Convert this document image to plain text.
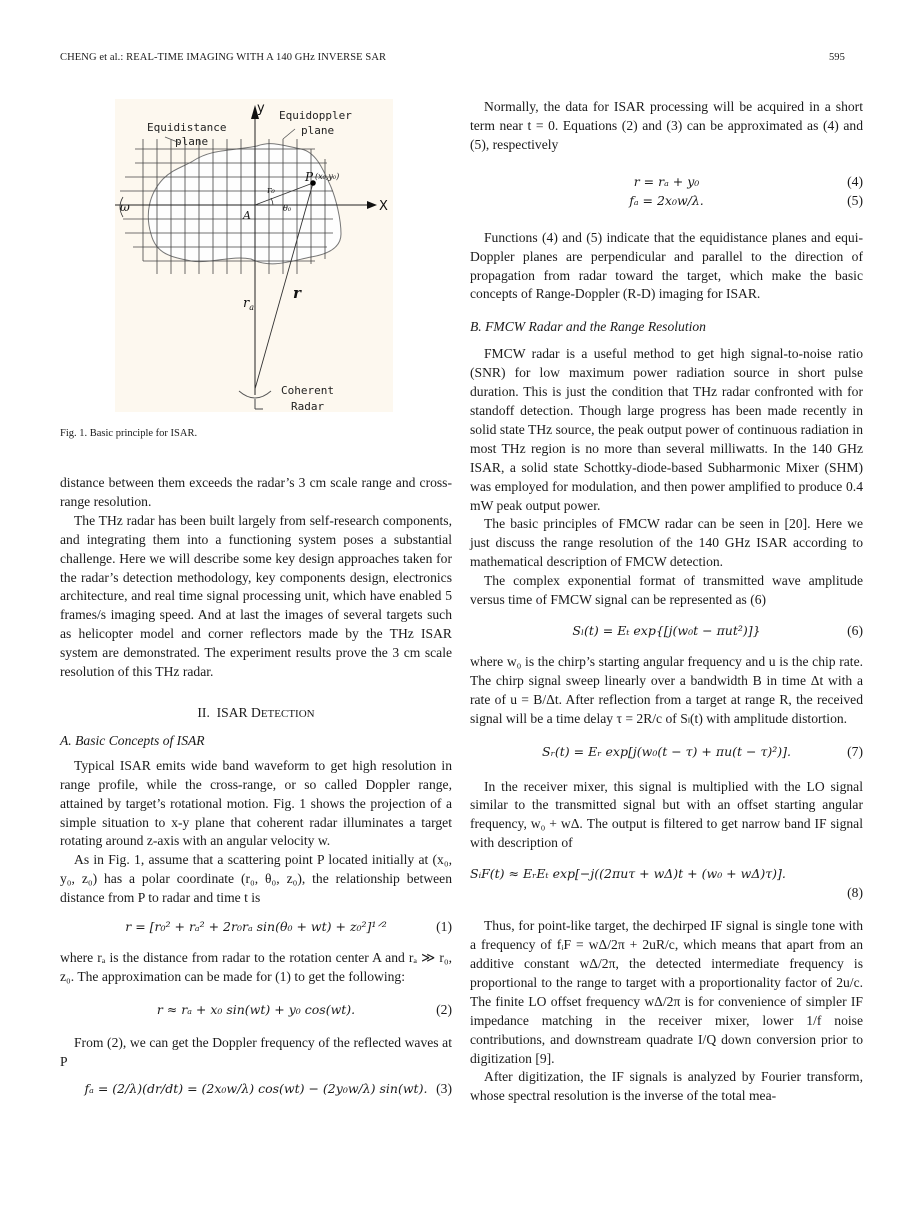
CHENG et al.: REAL-TIME IMAGING WITH A 140 GHz INVERSE SAR	595
Equidistance
plane
Equidoppler
plane
Coherent
Radar
y
X
P (x₀,y₀)
A
r₀
θ₀
ω
$r_a$
r
Fig. 1. Basic principle for ISAR.

distance between them exceeds the radar’s 3 cm scale range and cross-range resolution.

The THz radar has been built largely from self-research components, and integrating them into a functioning system poses a substantial challenge. Here we will describe some key design approaches taken for the radar’s detection methodology, key components design, electronics architecture, and real time signal processing unit, which have enabled 5 frames/s imaging speed. And at last the images of several targets such as helicopter model and corner reflectors made by the THz ISAR system are demonstrated. The experiment results prove the 3 cm scale resolution of this THz radar.

II. ISAR DETECTION
A. Basic Concepts of ISAR

Typical ISAR emits wide band waveform to get high resolution in range profile, while the cross-range, or so called Doppler range, attained by target’s rotational motion. Fig. 1 shows the projection of a simple situation to x-y plane that coherent radar illuminates a target rotating around z-axis with an angular velocity w.

As in Fig. 1, assume that a scattering point P located initially at (x₀, y₀, z₀) has a polar coordinate (r₀, θ₀, z₀), the relationship between distance from P to radar and time t is

r = [r₀² + rₐ² + 2r₀rₐ sin(θ₀ + wt) + z₀²]¹ᐟ²	(1)

where rₐ is the distance from radar to the rotation center A and rₐ ≫ r₀, z₀. The approximation can be made for (1) to get the following:

r ≈ rₐ + x₀ sin(wt) + y₀ cos(wt).	(2)

From (2), we can get the Doppler frequency of the reflected waves at P

fₐ = (2/λ)(dr/dt) = (2x₀w/λ) cos(wt) − (2y₀w/λ) sin(wt). (3)

Normally, the data for ISAR processing will be acquired in a short term near t = 0. Equations (2) and (3) can be approximated as (4) and (5), respectively

r = rₐ + y₀	(4)
fₐ = 2x₀w/λ.	(5)

Functions (4) and (5) indicate that the equidistance planes and equi-Doppler planes are perpendicular and parallel to the direction of propagation from radar toward the target, which make the basic concepts of Range-Doppler (R-D) imaging for ISAR.

B. FMCW Radar and the Range Resolution

FMCW radar is a useful method to get high signal-to-noise ratio (SNR) for low maximum power radiation source in short pulse duration. This is just the condition that THz radar confronted with for standoff detection. Though large progress has been made recently in solid state THz source, the peak output power of continuous radiation in most THz region is no more than several milliwatts. In the 140 GHz ISAR, a solid state Schottky-diode-based Subharmonic Mixer (SHM) was employed for modulation, and then power amplified to produce 0.4 mW peak output power.

The basic principles of FMCW radar can be seen in [20]. Here we just discuss the range resolution of the 140 GHz ISAR according to mathematical description of FMCW detection.

The complex exponential format of transmitted wave amplitude versus time of FMCW signal can be represented as (6)

Sₗ(t) = Eₜ exp{[j(w₀t − πut²)]}	(6)

where w₀ is the chirp’s starting angular frequency and u is the chip rate. The chirp signal sweep linearly over a bandwidth B in time Δt with a rate of u = B/Δt. After reflection from a target at range R, the received signal will be a time delay τ = 2R/c of Sₗ(t) with amplitude distortion.

Sᵣ(t) = Eᵣ exp[j(w₀(t − τ) + πu(t − τ)²)].	(7)

In the receiver mixer, this signal is multiplied with the LO signal similar to the transmitted signal but with an offset starting angular frequency, w₀ + wΔ. The output is filtered to get narrow band IF signal with description of

SᵢF(t) ≈ EᵣEₜ exp[−j((2πuτ + wΔ)t + (w₀ + wΔ)τ)].
(8)

Thus, for point-like target, the dechirped IF signal is single tone with a frequency of fᵢF = wΔ/2π + 2uR/c, which means that apart from an additive constant wΔ/2π, the detected intermediate frequency is proportional to the range to target with a proportionality factor of 2u/c. The finite LO offset frequency wΔ/2π is for convenience of simpler IF impedance matching in the receiver mixer, lower 1/f noise contributions, and downstream quadrate I/Q down conversion prior to digitization [9].

After digitization, the IF signals is analyzed by Fourier transform, whose spectral resolution is the inverse of the total mea-
